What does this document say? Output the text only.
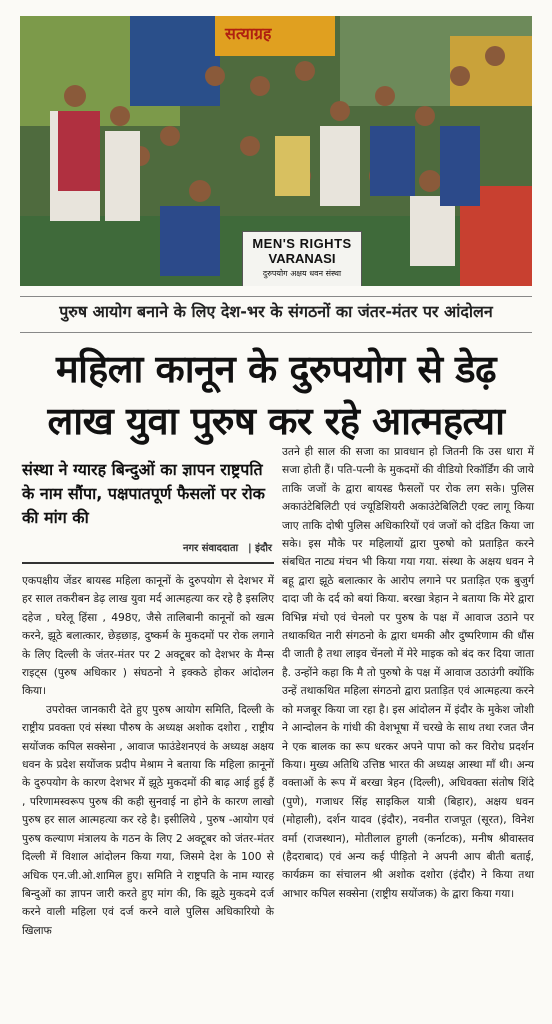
MEN'S RIGHTS
VARANASI
दुरुपयोग अक्षय धवन संस्था
सत्याग्रह
पुरुष आयोग बनाने के लिए देश-भर के संगठनों का जंतर-मंतर पर आंदोलन
महिला कानून के दुरुपयोग से डेढ़
लाख युवा पुरुष कर रहे आत्महत्या
संस्था ने ग्यारह बिन्दुओं का ज्ञापन राष्ट्रपति के नाम सौंपा, पक्षपातपूर्ण फैसलों पर रोक की मांग की
नगर संवाददाता | इंदौर

एकपक्षीय जेंडर बायस्ड महिला कानूनों के दुरुपयोग से देशभर में हर साल तकरीबन डेढ़ लाख युवा मर्द आत्महत्या कर रहे है इसलिए दहेज , घरेलू हिंसा , 498ए, जैसे तालिबानी कानूनों को खत्म करने, झूठे बलात्कार, छेड़छाड़, दुष्कर्म के मुकदमों पर रोक लगाने के लिए दिल्ली के जंतर-मंतर पर 2 अक्टूबर को देशभर के मैन्स राइट्स (पुरुष अधिकार ) संघठनो ने इक्कठे होकर आंदोलन किया।

उपरोक्त जानकारी देते हुए पुरुष आयोग समिति, दिल्ली के राष्ट्रीय प्रवक्ता एवं संस्था पौरुष के अध्यक्ष अशोक दशोरा , राष्ट्रीय सयोंजक कपिल सक्सेना , आवाज फाउंडेशनएवं के अध्यक्ष अक्षय धवन के प्रदेश सयोंजक प्रदीप मेश्राम ने बताया कि महिला क़ानूनों के दुरुपयोग के कारण देशभर में झूठे मुकदमों की बाढ़ आई हुई हैं , परिणामस्वरूप पुरुष की कही सुनवाई ना होने के कारण लाखो पुरुष हर साल आत्महत्या कर रहे है। इसीलिये , पुरुष -आयोग एवं पुरुष कल्याण मंत्रालय के गठन के लिए 2 अक्टूबर को जंतर-मंतर दिल्ली में विशाल आंदोलन किया गया, जिसमे देश के 100 से अधिक एन.जी.ओ.शामिल हुए। समिति ने राष्ट्रपति के नाम ग्यारह बिन्दुओं का ज्ञापन जारी करते हुए मांग की, कि झूठे मुकदमे दर्ज करने वाली महिला एवं दर्ज करने वाले पुलिस अधिकारियो के खिलाफ

उतने ही साल की सजा का प्रावधान हो जितनी कि उस धारा में सजा होती हैं। पति-पत्नी के मुकदमों की वीडियो रिकॉर्डिंग की जाये ताकि जजों के द्वारा बायस्ड फैसलों पर रोक लग सके। पुलिस अकाउंटेबिलिटी एवं ज्यूडिशियरी अकाउंटेबिलिटी एक्ट लागू किया जाए ताकि दोषी पुलिस अधिकारियों एवं जजों को दंडित किया जा सके। इस मौके पर महिलायों द्वारा पुरुषो को प्रताड़ित करने संबधित नाट्य मंचन भी किया गया गया. संस्था के अक्षय धवन ने बहू द्वारा झूठे बलात्कार के आरोप लगाने पर प्रताड़ित एक बुजुर्ग दादा जी के दर्द को बयां किया. बरखा त्रेहान ने बताया कि मेरे द्वारा विभिन्न मंचो एवं चेनलो पर पुरुष के पक्ष में आवाज उठाने पर तथाकथित नारी संगठनो के द्वारा धमकी और दुष्परिणाम की धौंस दी जाती है तथा लाइव चेंनलो में मेरे माइक को बंद कर दिया जाता है. उन्होंने कहा कि मै तो पुरुषो के पक्ष में आवाज उठाउंगी क्योंकि उन्हें तथाकथित महिला संगठनो द्वारा प्रताड़ित एवं आत्महत्या करने को मजबूर किया जा रहा है। इस आंदोलन में इंदौर के मुकेश जोशी ने आन्दोलन के गांधी की वेशभूषा में चरखे के साथ तथा रजत जैन ने एक बालक का रूप धरकर अपने पापा को कर विरोध प्रदर्शन किया। मुख्य अतिथि उत्तिष्ठ भारत की अध्यक्ष आस्था माँ थी। अन्य वक्ताओं के रूप में बरखा त्रेहन (दिल्ली), अधिवक्ता संतोष शिंदे (पुणे), गजाधर सिंह साइकिल यात्री (बिहार), अक्षय धवन (मोहाली), दर्शन यादव (इंदौर), नवनीत राजपूत (सूरत), विनेश वर्मा (राजस्थान), मोतीलाल हुगली (कर्नाटक), मनीष श्रीवास्तव (हैदराबाद) एवं अन्य कई पीड़ितो ने अपनी आप बीती बताई, कार्यक्रम का संचालन श्री अशोक दशोरा (इंदौर) ने किया तथा आभार कपिल सक्सेना (राष्ट्रीय सयोंजक) के द्वारा किया गया।
